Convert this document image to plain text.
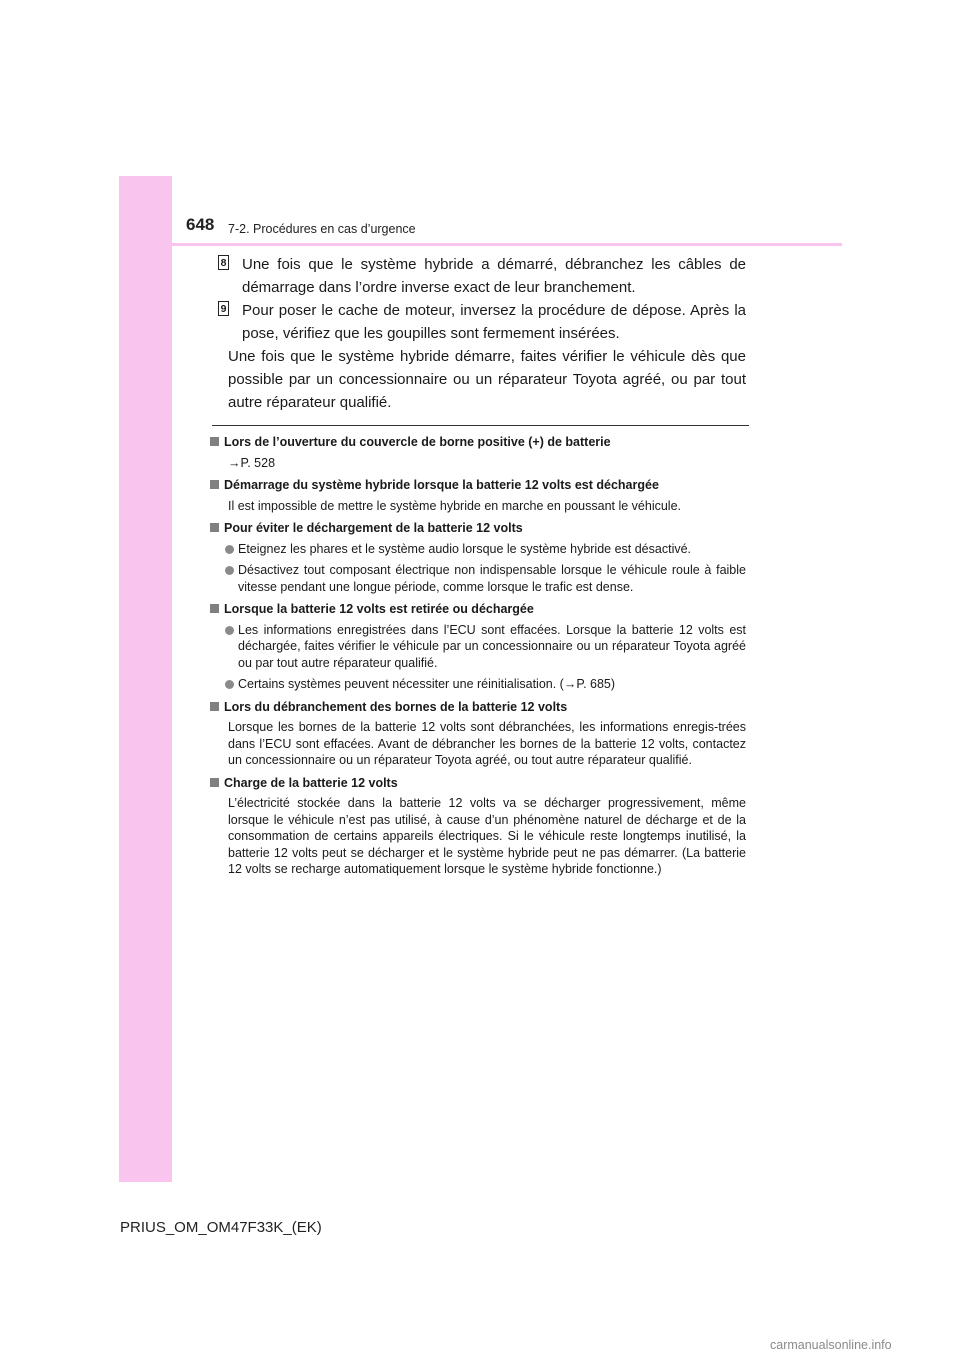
648 7-2. Procédures en cas d’urgence
8 Une fois que le système hybride a démarré, débranchez les câbles de démarrage dans l’ordre inverse exact de leur branchement.
9 Pour poser le cache de moteur, inversez la procédure de dépose. Après la pose, vérifiez que les goupilles sont fermement insérées.
Une fois que le système hybride démarre, faites vérifier le véhicule dès que possible par un concessionnaire ou un réparateur Toyota agréé, ou par tout autre réparateur qualifié.
Lors de l’ouverture du couvercle de borne positive (+) de batterie
→P. 528
Démarrage du système hybride lorsque la batterie 12 volts est déchargée
Il est impossible de mettre le système hybride en marche en poussant le véhicule.
Pour éviter le déchargement de la batterie 12 volts
Eteignez les phares et le système audio lorsque le système hybride est désactivé.
Désactivez tout composant électrique non indispensable lorsque le véhicule roule à faible vitesse pendant une longue période, comme lorsque le trafic est dense.
Lorsque la batterie 12 volts est retirée ou déchargée
Les informations enregistrées dans l’ECU sont effacées. Lorsque la batterie 12 volts est déchargée, faites vérifier le véhicule par un concessionnaire ou un réparateur Toyota agréé ou par tout autre réparateur qualifié.
Certains systèmes peuvent nécessiter une réinitialisation. (→P. 685)
Lors du débranchement des bornes de la batterie 12 volts
Lorsque les bornes de la batterie 12 volts sont débranchées, les informations enregis-trées dans l’ECU sont effacées. Avant de débrancher les bornes de la batterie 12 volts, contactez un concessionnaire ou un réparateur Toyota agréé, ou tout autre réparateur qualifié.
Charge de la batterie 12 volts
L’électricité stockée dans la batterie 12 volts va se décharger progressivement, même lorsque le véhicule n’est pas utilisé, à cause d’un phénomène naturel de décharge et de la consommation de certains appareils électriques. Si le véhicule reste longtemps inutilisé, la batterie 12 volts peut se décharger et le système hybride peut ne pas démarrer. (La batterie 12 volts se recharge automatiquement lorsque le système hybride fonctionne.)
PRIUS_OM_OM47F33K_(EK)
carmanualsonline.info
